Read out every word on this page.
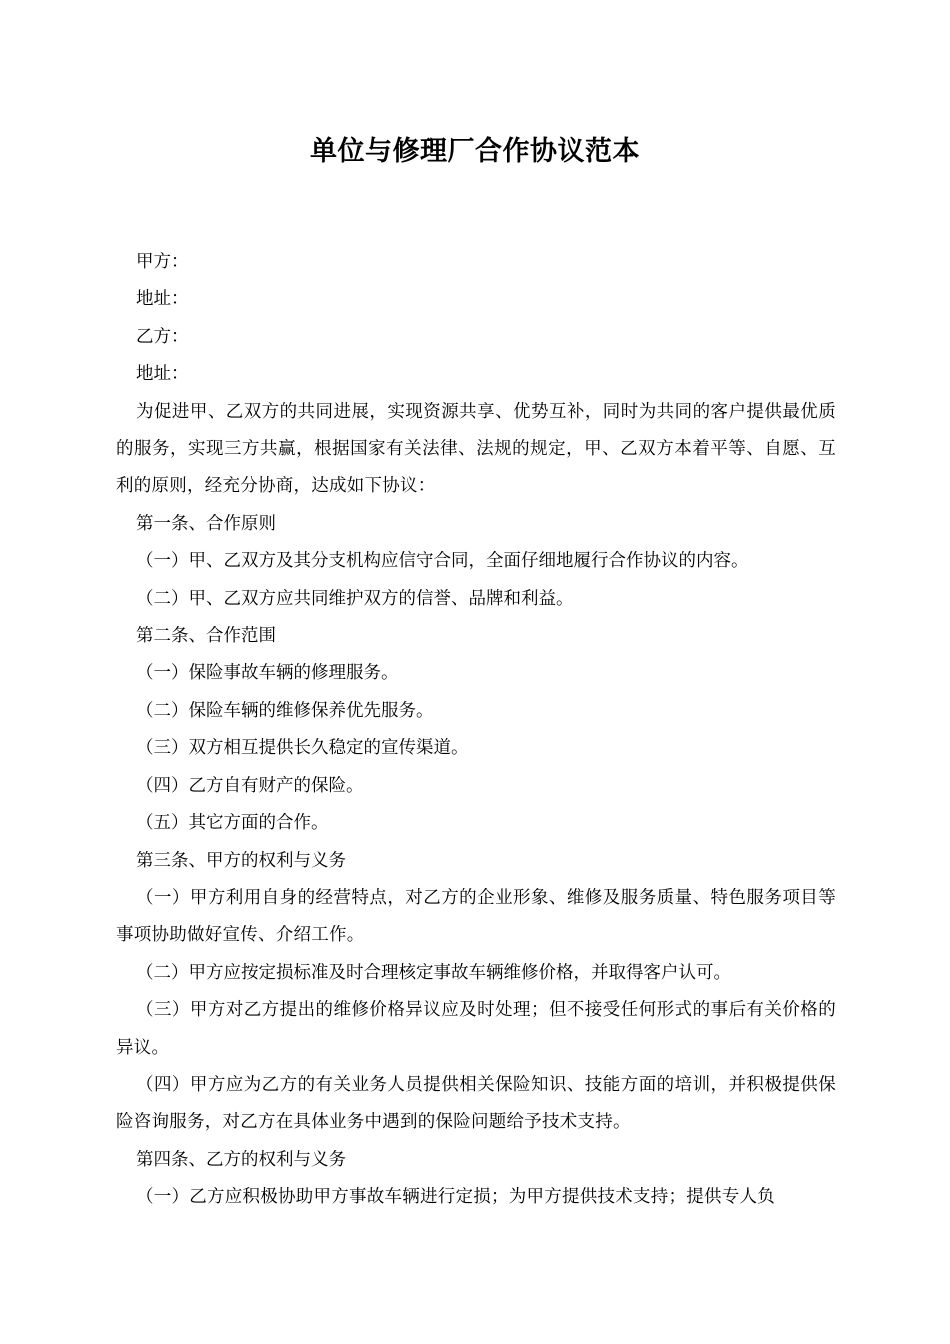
单位与修理厂合作协议范本

甲方：

地址：

乙方：

地址：

为促进甲、乙双方的共同进展，实现资源共享、优势互补，同时为共同的客户提供最优质的服务，实现三方共赢，根据国家有关法律、法规的规定，甲、乙双方本着平等、自愿、互利的原则，经充分协商，达成如下协议：

第一条、合作原则

（一）甲、乙双方及其分支机构应信守合同，全面仔细地履行合作协议的内容。

（二）甲、乙双方应共同维护双方的信誉、品牌和利益。

第二条、合作范围

（一）保险事故车辆的修理服务。

（二）保险车辆的维修保养优先服务。

（三）双方相互提供长久稳定的宣传渠道。

（四）乙方自有财产的保险。

（五）其它方面的合作。

第三条、甲方的权利与义务

（一）甲方利用自身的经营特点，对乙方的企业形象、维修及服务质量、特色服务项目等事项协助做好宣传、介绍工作。

（二）甲方应按定损标准及时合理核定事故车辆维修价格，并取得客户认可。

（三）甲方对乙方提出的维修价格异议应及时处理；但不接受任何形式的事后有关价格的异议。

（四）甲方应为乙方的有关业务人员提供相关保险知识、技能方面的培训，并积极提供保险咨询服务，对乙方在具体业务中遇到的保险问题给予技术支持。

第四条、乙方的权利与义务

（一）乙方应积极协助甲方事故车辆进行定损；为甲方提供技术支持；提供专人负
